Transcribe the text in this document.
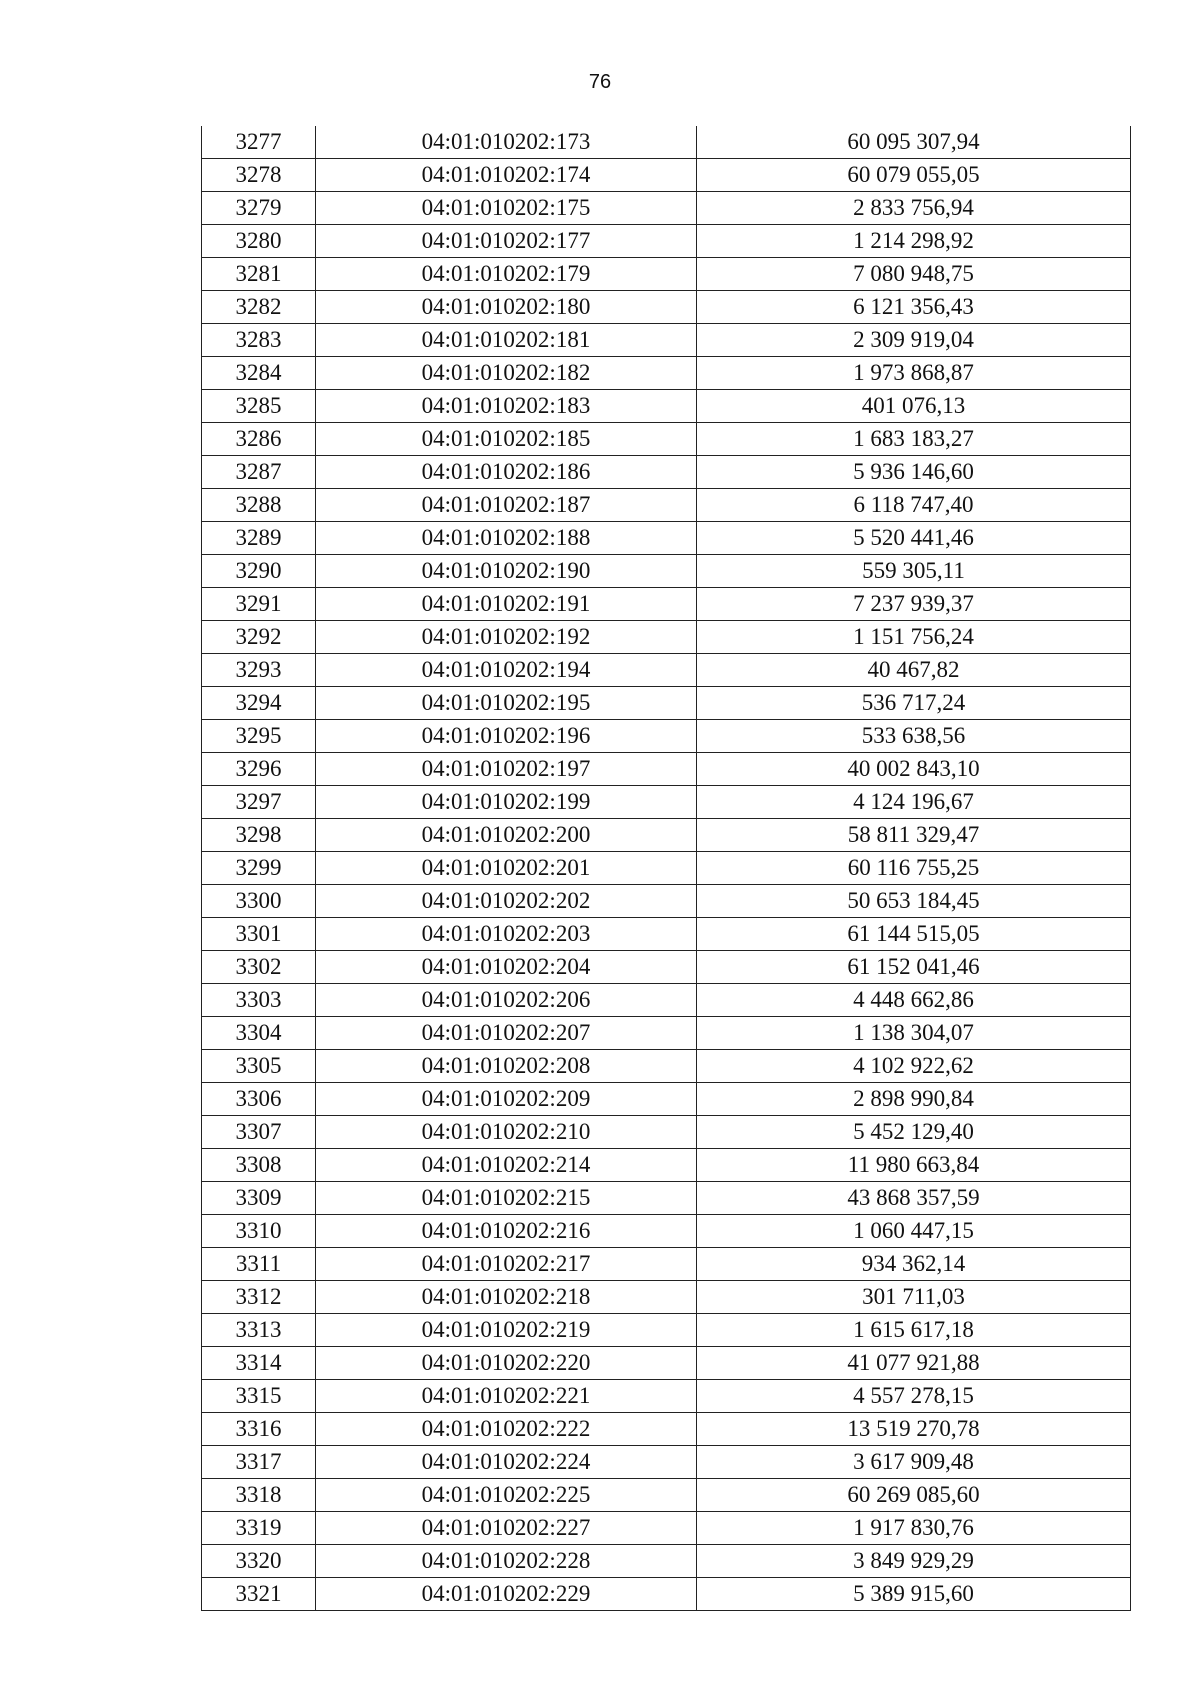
76
3277	04:01:010202:173	60 095 307,94
3278	04:01:010202:174	60 079 055,05
3279	04:01:010202:175	2 833 756,94
3280	04:01:010202:177	1 214 298,92
3281	04:01:010202:179	7 080 948,75
3282	04:01:010202:180	6 121 356,43
3283	04:01:010202:181	2 309 919,04
3284	04:01:010202:182	1 973 868,87
3285	04:01:010202:183	401 076,13
3286	04:01:010202:185	1 683 183,27
3287	04:01:010202:186	5 936 146,60
3288	04:01:010202:187	6 118 747,40
3289	04:01:010202:188	5 520 441,46
3290	04:01:010202:190	559 305,11
3291	04:01:010202:191	7 237 939,37
3292	04:01:010202:192	1 151 756,24
3293	04:01:010202:194	40 467,82
3294	04:01:010202:195	536 717,24
3295	04:01:010202:196	533 638,56
3296	04:01:010202:197	40 002 843,10
3297	04:01:010202:199	4 124 196,67
3298	04:01:010202:200	58 811 329,47
3299	04:01:010202:201	60 116 755,25
3300	04:01:010202:202	50 653 184,45
3301	04:01:010202:203	61 144 515,05
3302	04:01:010202:204	61 152 041,46
3303	04:01:010202:206	4 448 662,86
3304	04:01:010202:207	1 138 304,07
3305	04:01:010202:208	4 102 922,62
3306	04:01:010202:209	2 898 990,84
3307	04:01:010202:210	5 452 129,40
3308	04:01:010202:214	11 980 663,84
3309	04:01:010202:215	43 868 357,59
3310	04:01:010202:216	1 060 447,15
3311	04:01:010202:217	934 362,14
3312	04:01:010202:218	301 711,03
3313	04:01:010202:219	1 615 617,18
3314	04:01:010202:220	41 077 921,88
3315	04:01:010202:221	4 557 278,15
3316	04:01:010202:222	13 519 270,78
3317	04:01:010202:224	3 617 909,48
3318	04:01:010202:225	60 269 085,60
3319	04:01:010202:227	1 917 830,76
3320	04:01:010202:228	3 849 929,29
3321	04:01:010202:229	5 389 915,60
